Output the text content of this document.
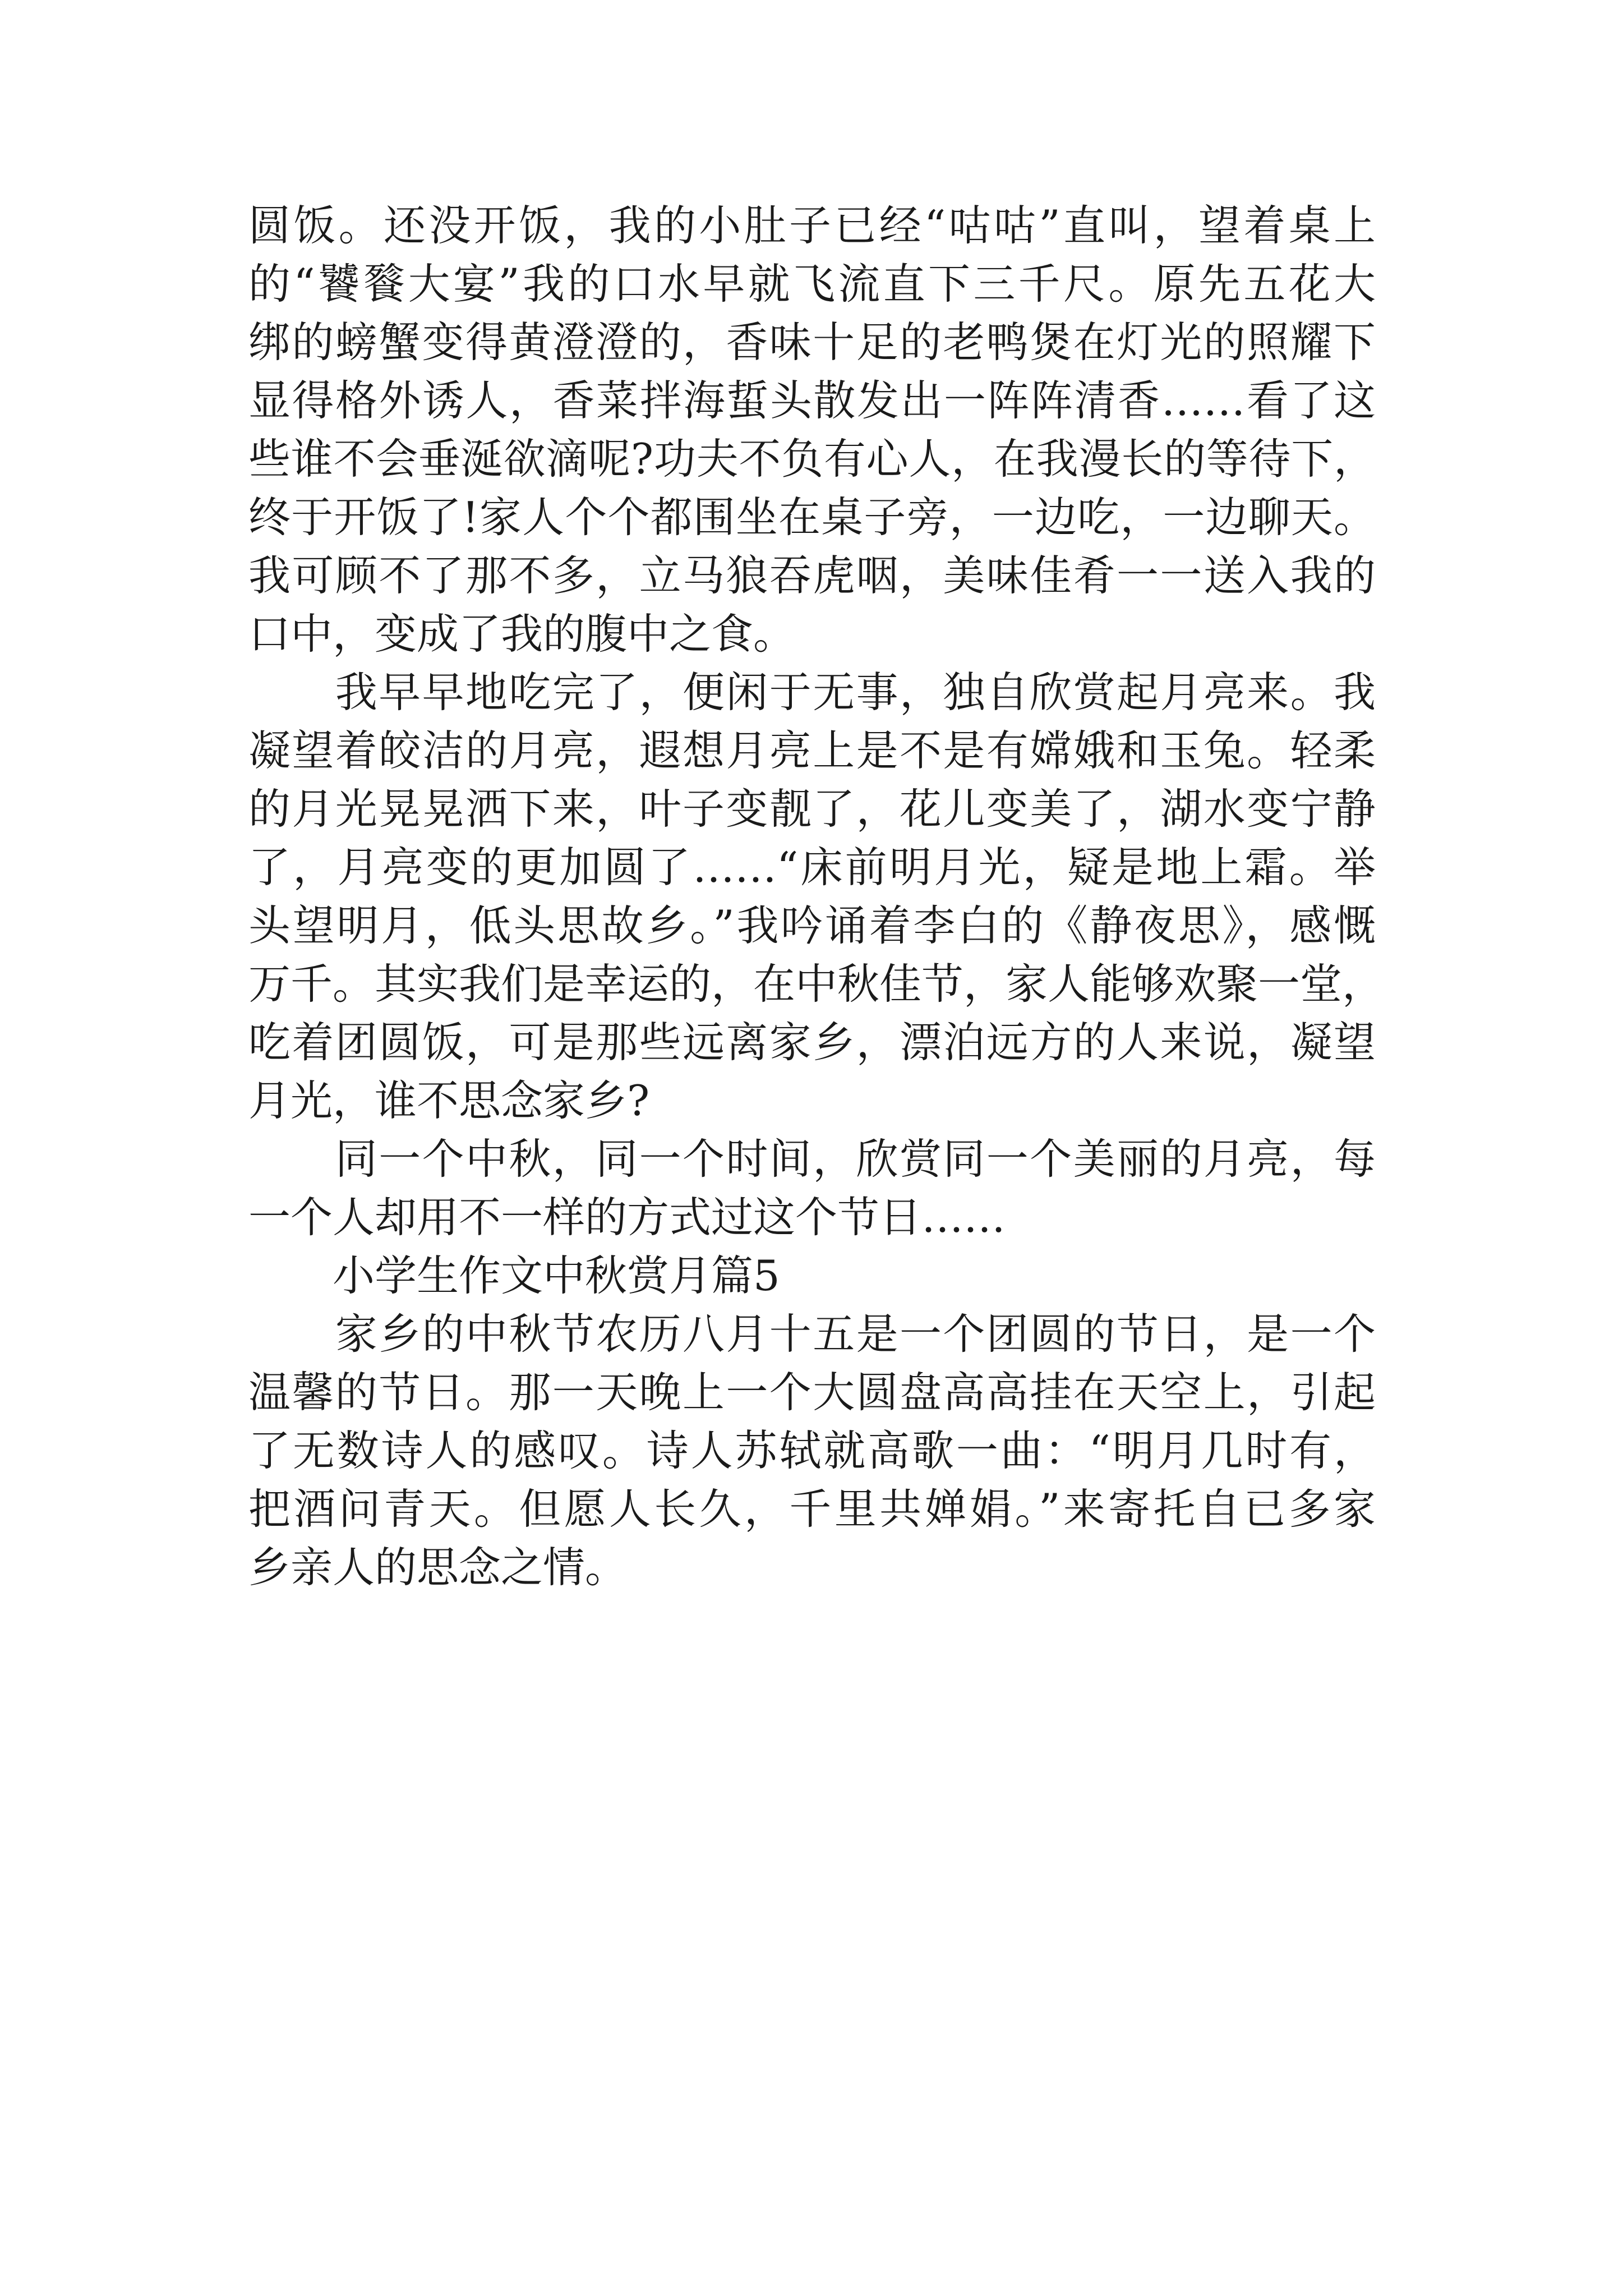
圆饭。还没开饭，我的小肚子已经“咕咕”直叫，望着桌上
的“饕餮大宴”我的口水早就飞流直下三千尺。原先五花大
绑的螃蟹变得黄澄澄的，香味十足的老鸭煲在灯光的照耀下
显得格外诱人，香菜拌海蜇头散发出一阵阵清香……看了这
些谁不会垂涎欲滴呢?功夫不负有心人，在我漫长的等待下，
终于开饭了!家人个个都围坐在桌子旁，一边吃，一边聊天。
我可顾不了那不多，立马狼吞虎咽，美味佳肴一一送入我的
口中，变成了我的腹中之食。
　　我早早地吃完了，便闲于无事，独自欣赏起月亮来。我
凝望着皎洁的月亮，遐想月亮上是不是有嫦娥和玉兔。轻柔
的月光晃晃洒下来，叶子变靓了，花儿变美了，湖水变宁静
了，月亮变的更加圆了……“床前明月光，疑是地上霜。举
头望明月，低头思故乡。”我吟诵着李白的《静夜思》，感慨
万千。其实我们是幸运的，在中秋佳节，家人能够欢聚一堂，
吃着团圆饭，可是那些远离家乡，漂泊远方的人来说，凝望
月光，谁不思念家乡?
　　同一个中秋，同一个时间，欣赏同一个美丽的月亮，每
一个人却用不一样的方式过这个节日……
　　小学生作文中秋赏月篇5
　　家乡的中秋节农历八月十五是一个团圆的节日，是一个
温馨的节日。那一天晚上一个大圆盘高高挂在天空上，引起
了无数诗人的感叹。诗人苏轼就高歌一曲：“明月几时有，
把酒问青天。但愿人长久，千里共婵娟。”来寄托自已多家
乡亲人的思念之情。
